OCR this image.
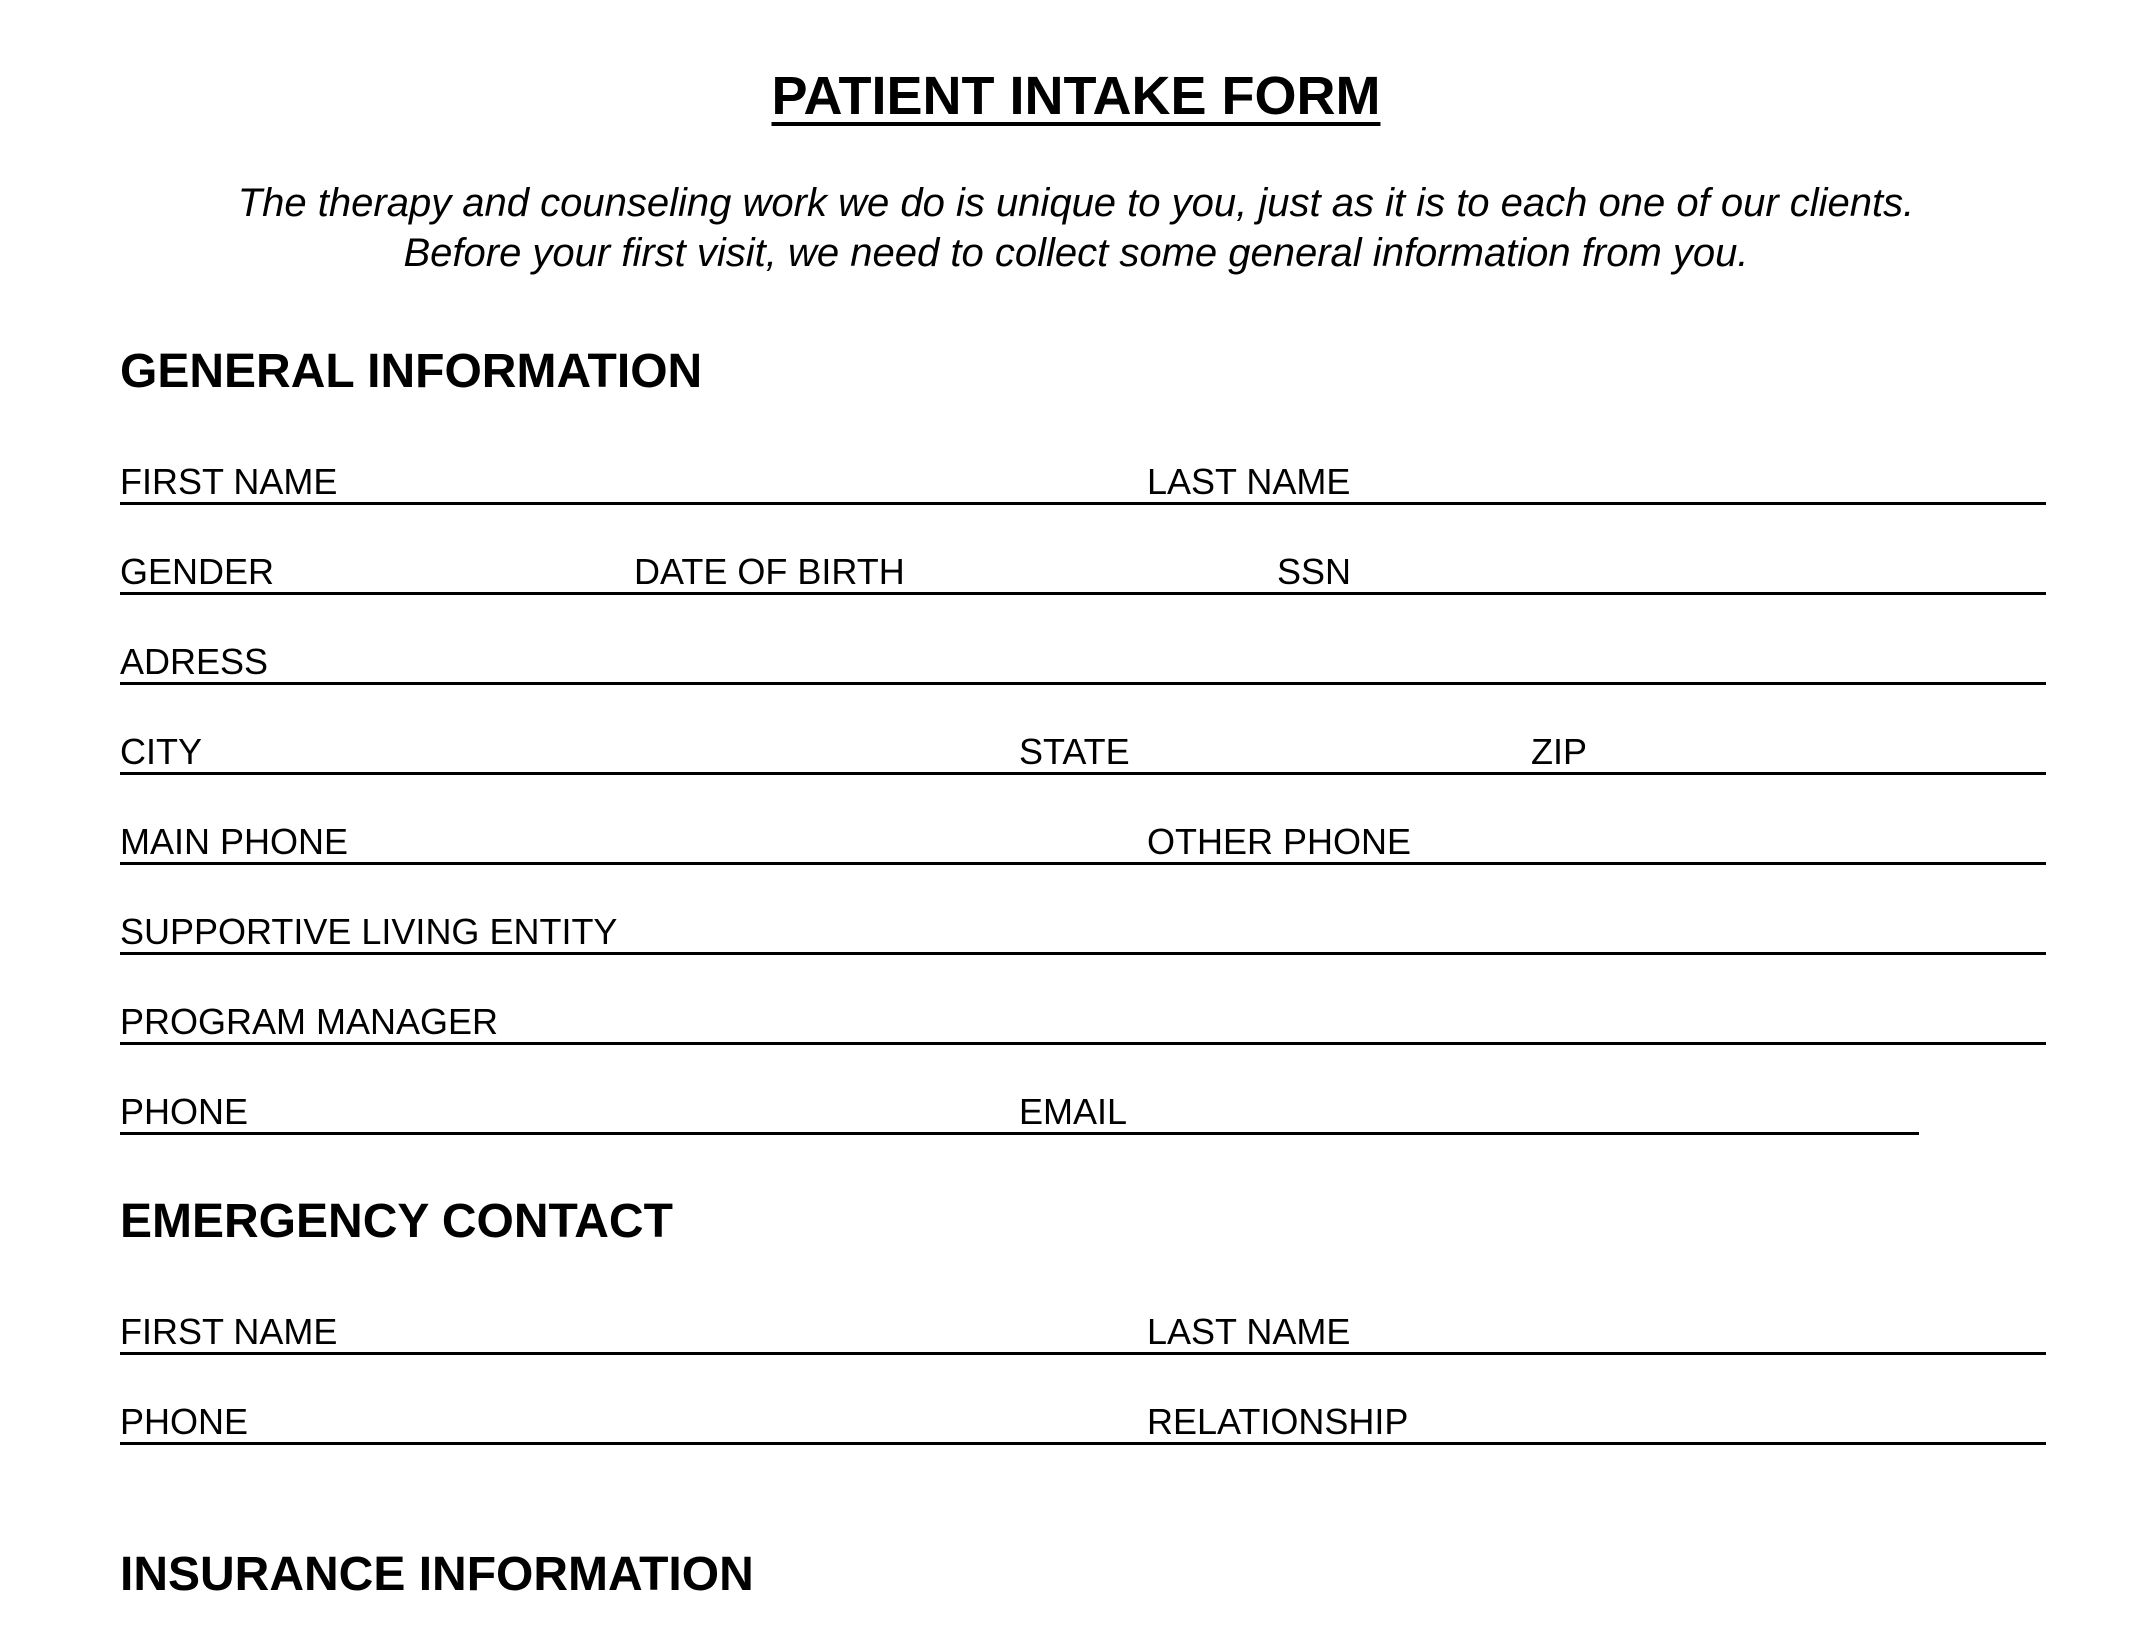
PATIENT INTAKE FORM
The therapy and counseling work we do is unique to you, just as it is to each one of our clients.
Before your first visit, we need to collect some general information from you.
GENERAL INFORMATION
FIRST NAME	LAST NAME
GENDER	DATE OF BIRTH	SSN
ADRESS
CITY	STATE	ZIP
MAIN PHONE	OTHER PHONE
SUPPORTIVE LIVING ENTITY
PROGRAM MANAGER
PHONE	EMAIL
EMERGENCY CONTACT
FIRST NAME	LAST NAME
PHONE	RELATIONSHIP
INSURANCE INFORMATION
